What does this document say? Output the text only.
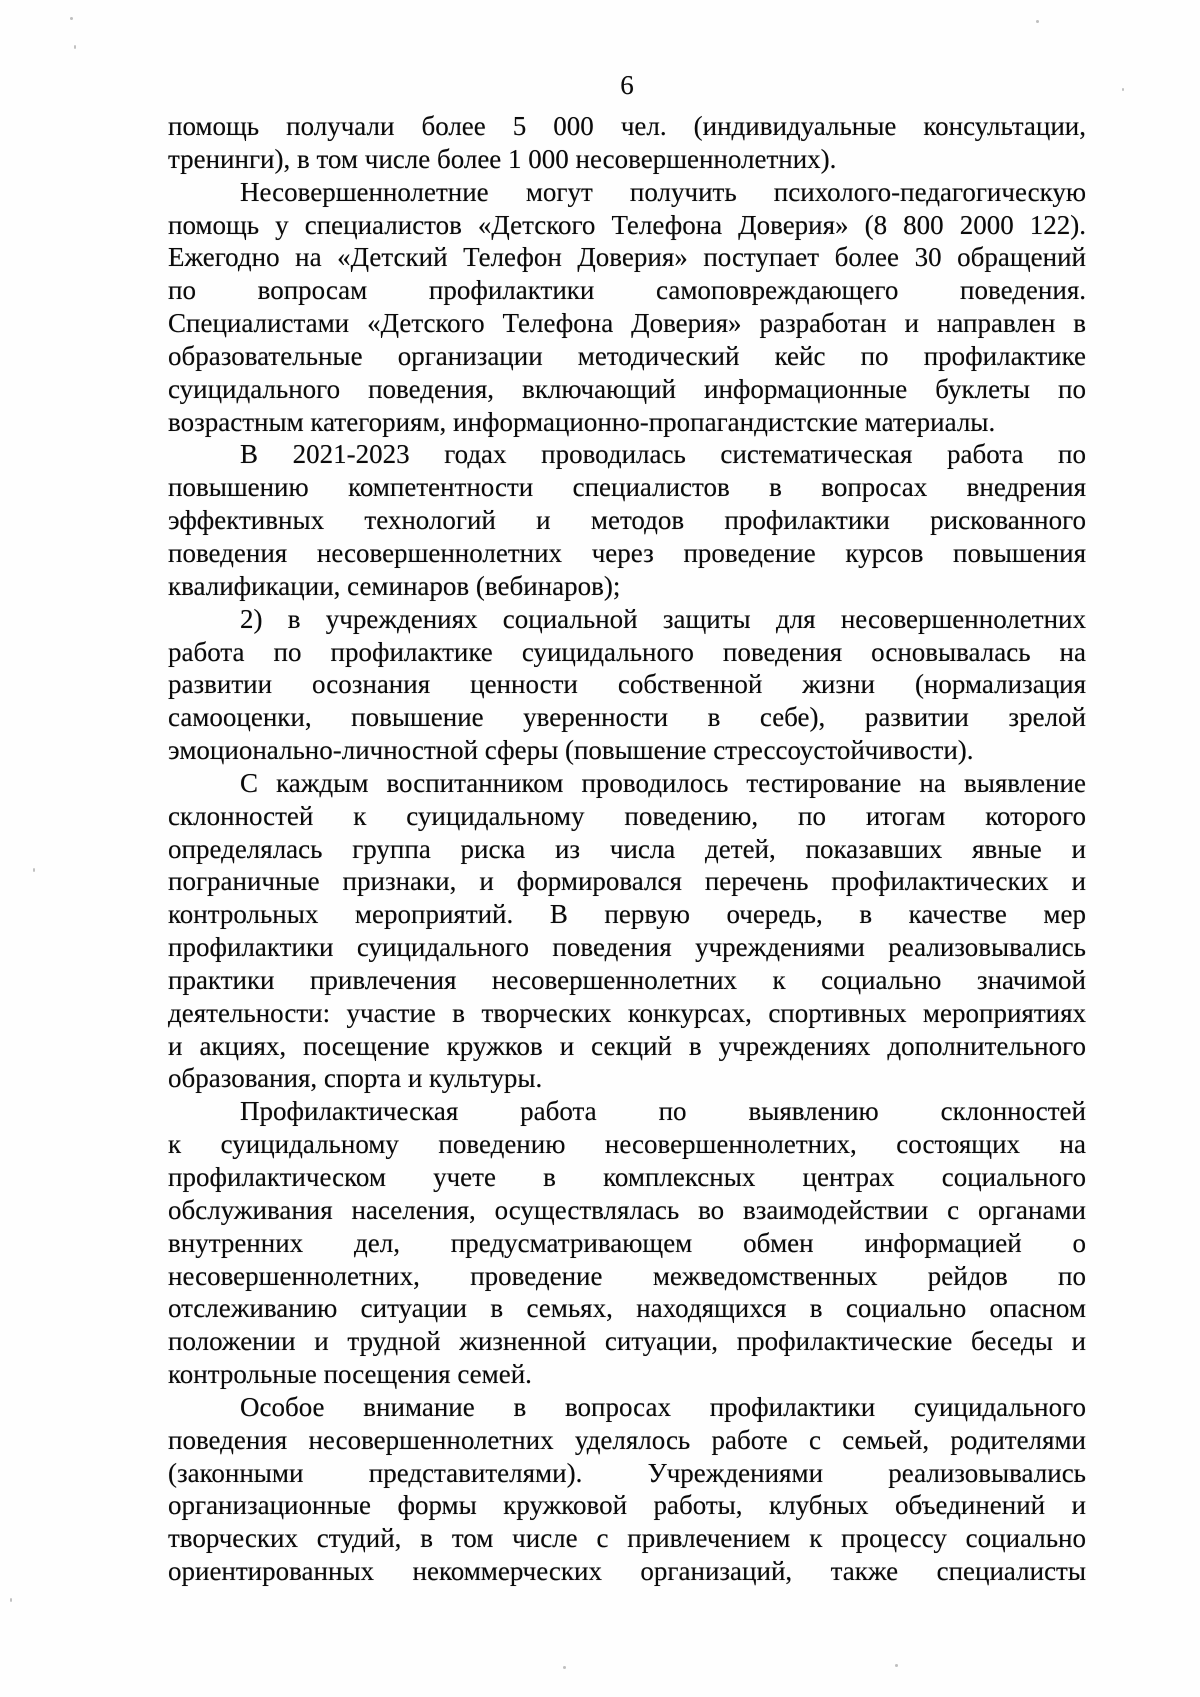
6
помощь получали более 5 000 чел. (индивидуальные консультации,
тренинги), в том числе более 1 000 несовершеннолетних).
Несовершеннолетние могут получить психолого-педагогическую
помощь у специалистов «Детского Телефона Доверия» (8 800 2000 122).
Ежегодно на «Детский Телефон Доверия» поступает более 30 обращений
по вопросам профилактики самоповреждающего поведения.
Специалистами «Детского Телефона Доверия» разработан и направлен в
образовательные организации методический кейс по профилактике
суицидального поведения, включающий информационные буклеты по
возрастным категориям, информационно-пропагандистские материалы.
В 2021-2023 годах проводилась систематическая работа по
повышению компетентности специалистов в вопросах внедрения
эффективных технологий и методов профилактики рискованного
поведения несовершеннолетних через проведение курсов повышения
квалификации, семинаров (вебинаров);
2) в учреждениях социальной защиты для несовершеннолетних
работа по профилактике суицидального поведения основывалась на
развитии осознания ценности собственной жизни (нормализация
самооценки, повышение уверенности в себе), развитии зрелой
эмоционально-личностной сферы (повышение стрессоустойчивости).
С каждым воспитанником проводилось тестирование на выявление
склонностей к суицидальному поведению, по итогам которого
определялась группа риска из числа детей, показавших явные и
пограничные признаки, и формировался перечень профилактических и
контрольных мероприятий. В первую очередь, в качестве мер
профилактики суицидального поведения учреждениями реализовывались
практики привлечения несовершеннолетних к социально значимой
деятельности: участие в творческих конкурсах, спортивных мероприятиях
и акциях, посещение кружков и секций в учреждениях дополнительного
образования, спорта и культуры.
Профилактическая работа по выявлению склонностей
к суицидальному поведению несовершеннолетних, состоящих на
профилактическом учете в комплексных центрах социального
обслуживания населения, осуществлялась во взаимодействии с органами
внутренних дел, предусматривающем обмен информацией о
несовершеннолетних, проведение межведомственных рейдов по
отслеживанию ситуации в семьях, находящихся в социально опасном
положении и трудной жизненной ситуации, профилактические беседы и
контрольные посещения семей.
Особое внимание в вопросах профилактики суицидального
поведения несовершеннолетних уделялось работе с семьей, родителями
(законными представителями). Учреждениями реализовывались
организационные формы кружковой работы, клубных объединений и
творческих студий, в том числе с привлечением к процессу социально
ориентированных некоммерческих организаций, также специалисты
